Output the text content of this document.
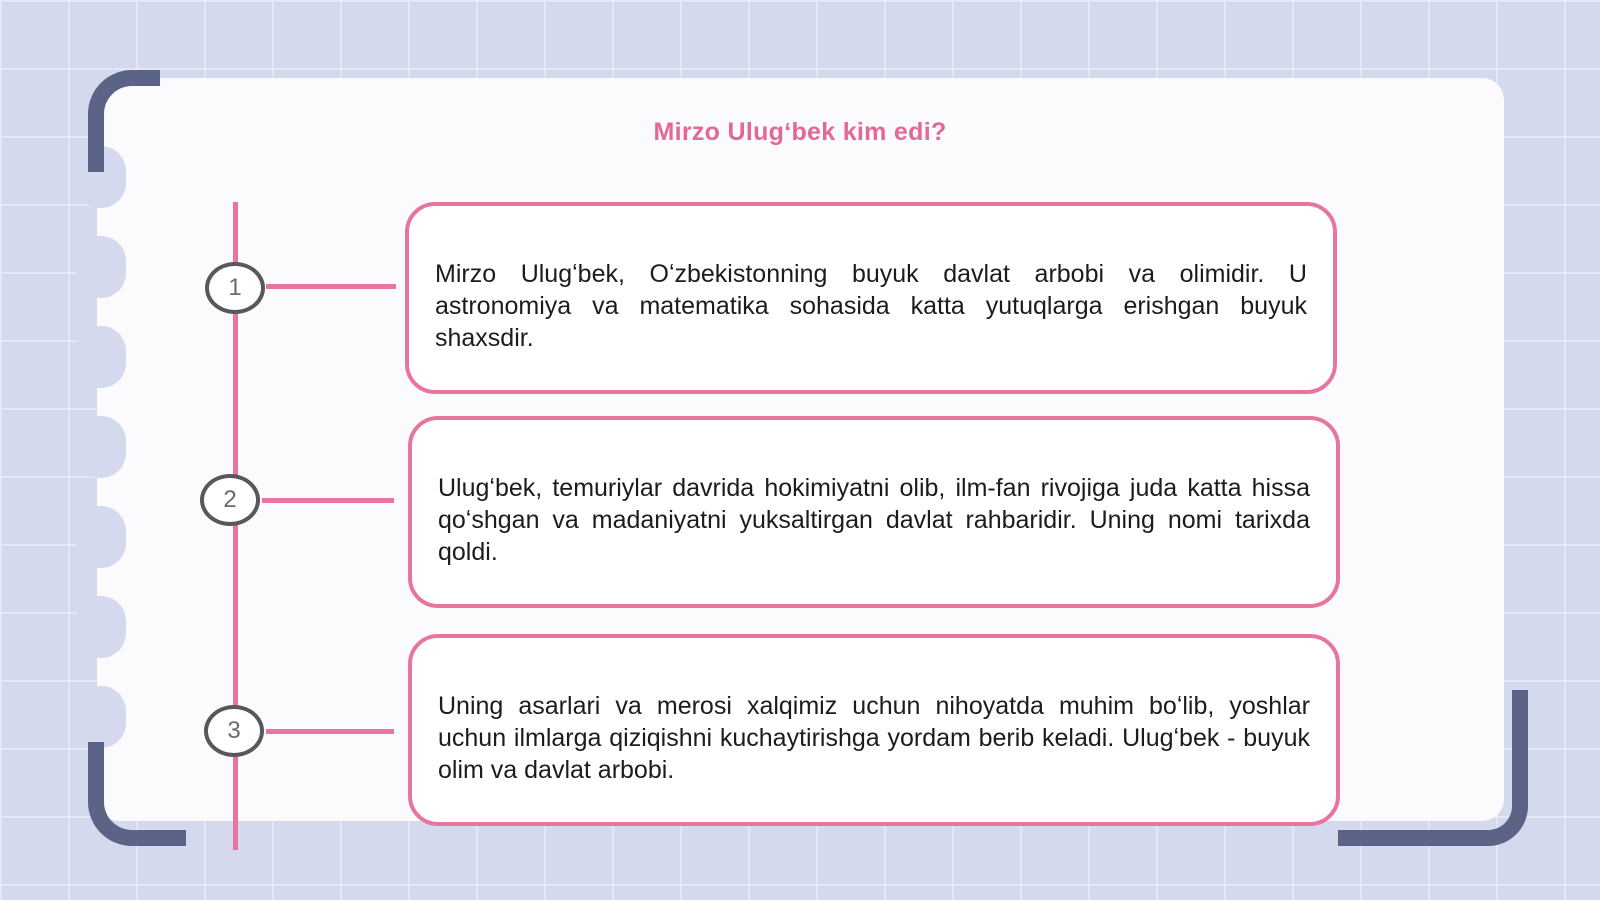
Mirzo Ulugʻbek kim edi?
1	Mirzo Ulugʻbek, Oʻzbekistonning buyuk davlat arbobi va olimidir. U astronomiya va matematika sohasida katta yutuqlarga erishgan buyuk shaxsdir.

2	Ulugʻbek, temuriylar davrida hokimiyatni olib, ilm-fan rivojiga juda katta hissa qoʻshgan va madaniyatni yuksaltirgan davlat rahbaridir. Uning nomi tarixda qoldi.

3

Uning asarlari va merosi xalqimiz uchun nihoyatda muhim boʻlib, yoshlar uchun ilmlarga qiziqishni kuchaytirishga yordam berib keladi. Ulugʻbek - buyuk olim va davlat arbobi.
